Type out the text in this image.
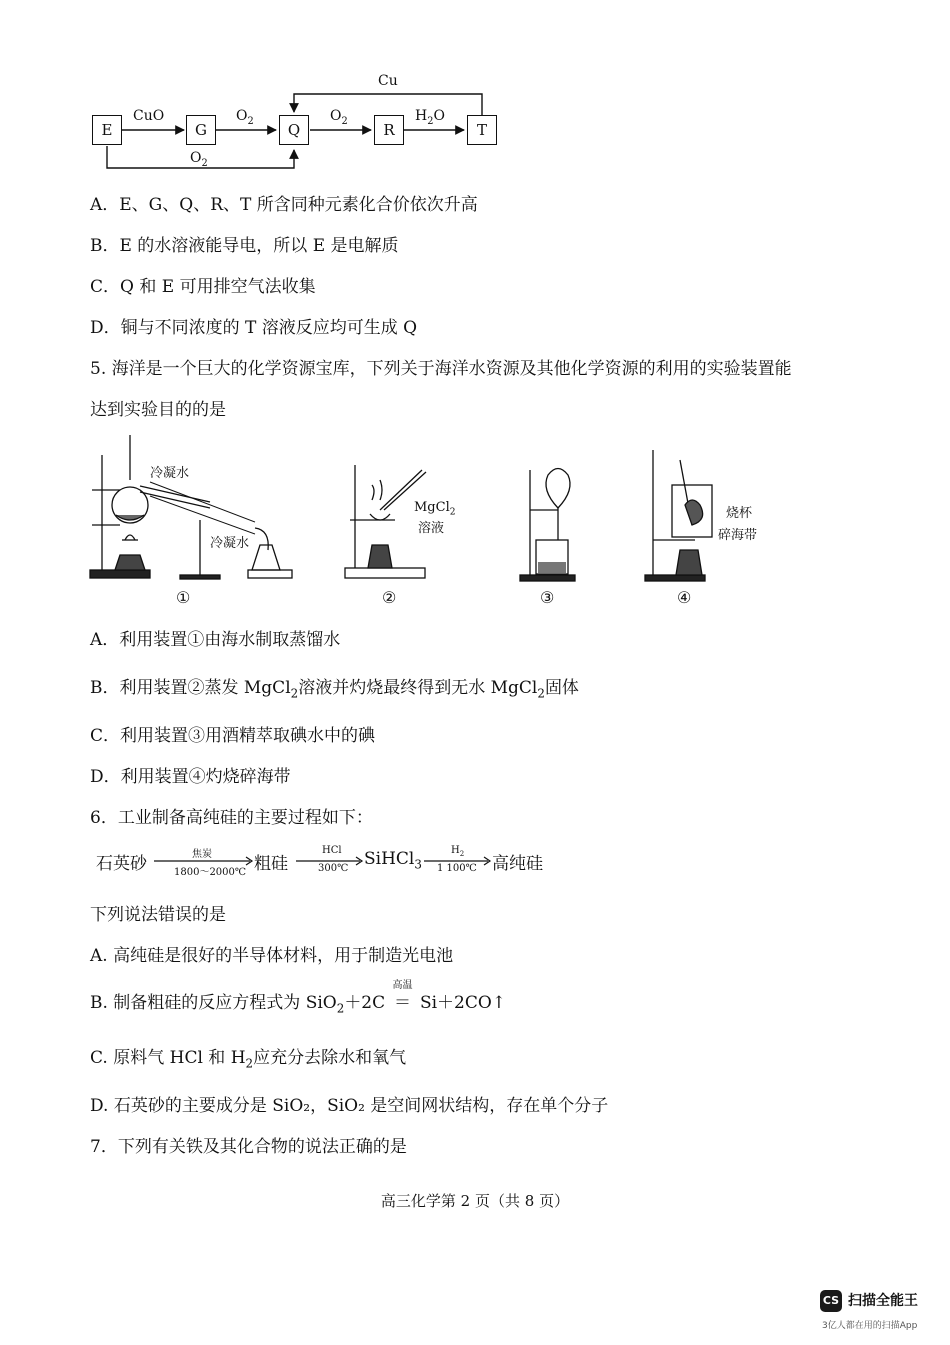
E	G	Q	R	T
CuO	$O_2$	$O_2$	$H_2O$
Cu
$O_2$
A．E、G、Q、R、T 所含同种元素化合价依次升高
B．E 的水溶液能导电，所以 E 是电解质
C．Q 和 E 可用排空气法收集
D．铜与不同浓度的 T 溶液反应均可生成 Q
5. 海洋是一个巨大的化学资源宝库，下列关于海洋水资源及其他化学资源的利用的实验装置能
达到实验目的的是
冷凝水
冷凝水
MgCl$_2$
溶液
烧杯
碎海带
①	②	③	④
A．利用装置①由海水制取蒸馏水
B．利用装置②蒸发 MgCl$_2$溶液并灼烧最终得到无水 MgCl$_2$固体
C．利用装置③用酒精萃取碘水中的碘
D．利用装置④灼烧碎海带
6．工业制备高纯硅的主要过程如下：
石英砂	焦炭
1800～2000℃ 粗硅
HCl
300℃ SiHCl$_3$
$H_2$
1 100℃ 高纯硅
下列说法错误的是
A. 高纯硅是很好的半导体材料，用于制造光电池
B. 制备粗硅的反应方程式为 SiO$_2$＋2C
高温
＝ Si＋2CO↑
C. 原料气 HCl 和 $H_2$应充分去除水和氧气
D. 石英砂的主要成分是 SiO₂，SiO₂ 是空间网状结构，存在单个分子
7．下列有关铁及其化合物的说法正确的是
高三化学第 2 页（共 8 页）
CS 扫描全能王
3亿人都在用的扫描App
